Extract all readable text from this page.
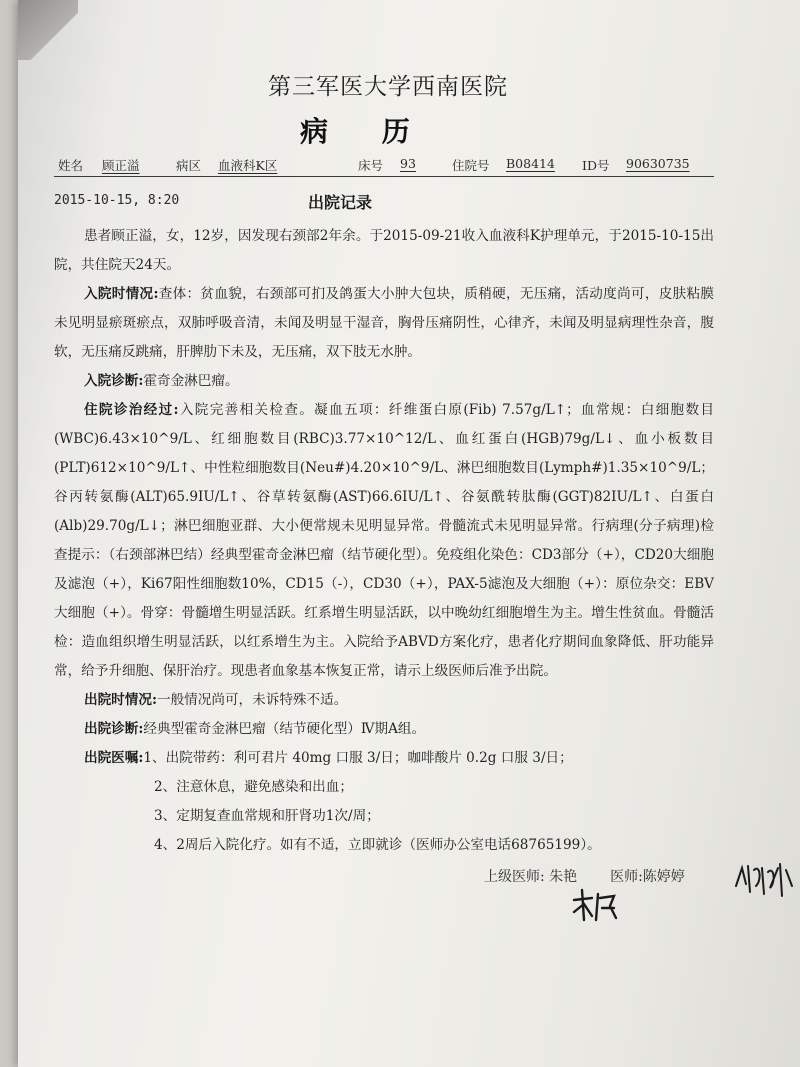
第三军医大学西南医院
病 历
姓名 顾正溢	病区 血液科K区	床号 93	住院号 B08414 ID号 90630735
2015-10-15, 8:20	出院记录

患者顾正溢，女，12岁，因发现右颈部2年余。于2015-09-21收入血液科K护理单元，于2015-10-15出院，共住院天24天。

入院时情况:查体：贫血貌，右颈部可扪及鸽蛋大小肿大包块，质稍硬，无压痛，活动度尚可，皮肤粘膜未见明显瘀斑瘀点，双肺呼吸音清，未闻及明显干湿音，胸骨压痛阴性，心律齐，未闻及明显病理性杂音，腹软，无压痛反跳痛，肝脾肋下未及，无压痛，双下肢无水肿。

入院诊断:霍奇金淋巴瘤。

住院诊治经过:入院完善相关检查。凝血五项：纤维蛋白原(Fib) 7.57g/L↑；血常规：白细胞数目(WBC)6.43×10^9/L、红细胞数目(RBC)3.77×10^12/L、血红蛋白(HGB)79g/L↓、血小板数目(PLT)612×10^9/L↑、中性粒细胞数目(Neu#)4.20×10^9/L、淋巴细胞数目(Lymph#)1.35×10^9/L；谷丙转氨酶(ALT)65.9IU/L↑、谷草转氨酶(AST)66.6IU/L↑、谷氨酰转肽酶(GGT)82IU/L↑、白蛋白(Alb)29.70g/L↓；淋巴细胞亚群、大小便常规未见明显异常。骨髓流式未见明显异常。行病理(分子病理)检查提示：（右颈部淋巴结）经典型霍奇金淋巴瘤（结节硬化型）。免疫组化染色：CD3部分（+），CD20大细胞及滤泡（+），Ki67阳性细胞数10%，CD15（-），CD30（+），PAX-5滤泡及大细胞（+）：原位杂交：EBV大细胞（+）。骨穿：骨髓增生明显活跃。红系增生明显活跃，以中晚幼红细胞增生为主。增生性贫血。骨髓活检：造血组织增生明显活跃，以红系增生为主。入院给予ABVD方案化疗，患者化疗期间血象降低、肝功能异常，给予升细胞、保肝治疗。现患者血象基本恢复正常，请示上级医师后准予出院。

出院时情况:一般情况尚可，未诉特殊不适。

出院诊断:经典型霍奇金淋巴瘤（结节硬化型）Ⅳ期A组。

出院医嘱:1、出院带药：利可君片 40mg 口服 3/日；咖啡酸片 0.2g 口服 3/日；

2、注意休息，避免感染和出血；

3、定期复查血常规和肝肾功1次/周；

4、2周后入院化疗。如有不适，立即就诊（医师办公室电话68765199）。

上级医师: 朱艳 医师:陈婷婷
